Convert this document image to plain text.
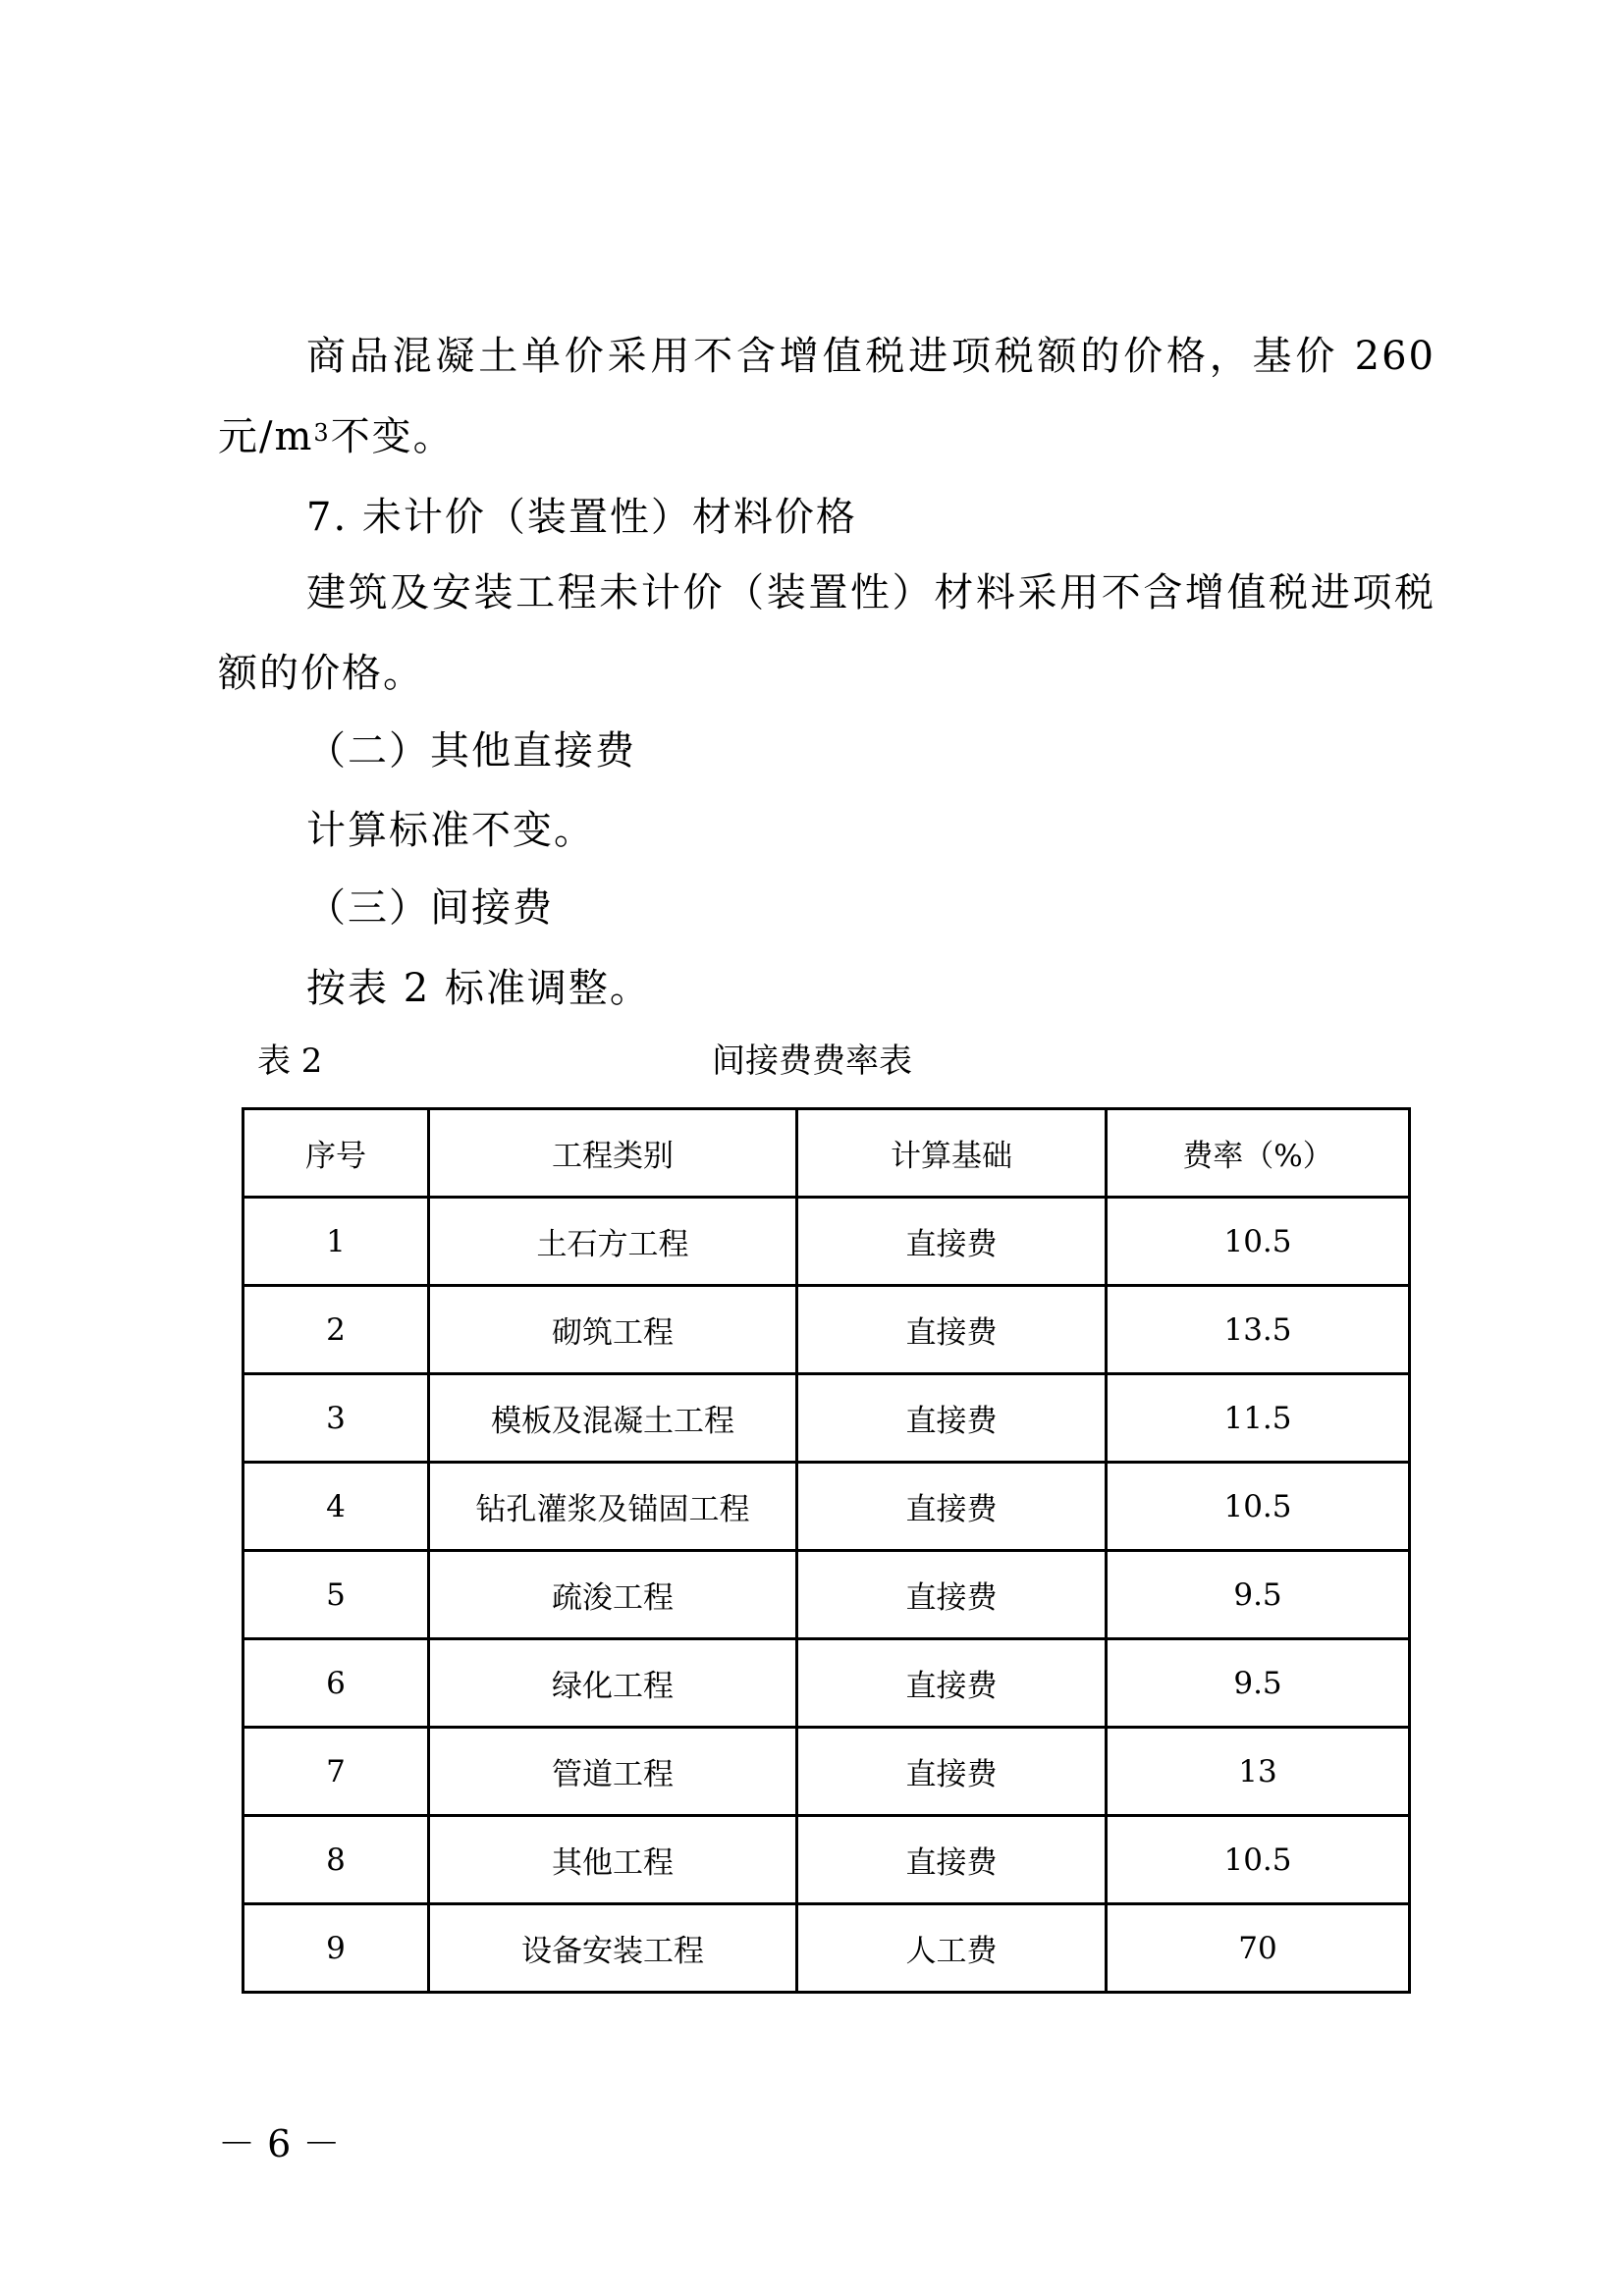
商品混凝土单价采用不含增值税进项税额的价格，基价 260 元$/m^3$不变。

7. 未计价（装置性）材料价格

建筑及安装工程未计价（装置性）材料采用不含增值税进项税额的价格。

（二）其他直接费

计算标准不变。

（三）间接费

按表 2 标准调整。

间接费费率表
表 2
序号	工程类别	计算基础	费率（%）
1	土石方工程	直接费	10.5
2	砌筑工程	直接费	13.5
3	模板及混凝土工程	直接费	11.5
4	钻孔灌浆及锚固工程	直接费	10.5
5	疏浚工程	直接费	9.5
6	绿化工程	直接费	9.5
7	管道工程	直接费	13
8	其他工程	直接费	10.5
9	设备安装工程	人工费	70
－ 6 －
